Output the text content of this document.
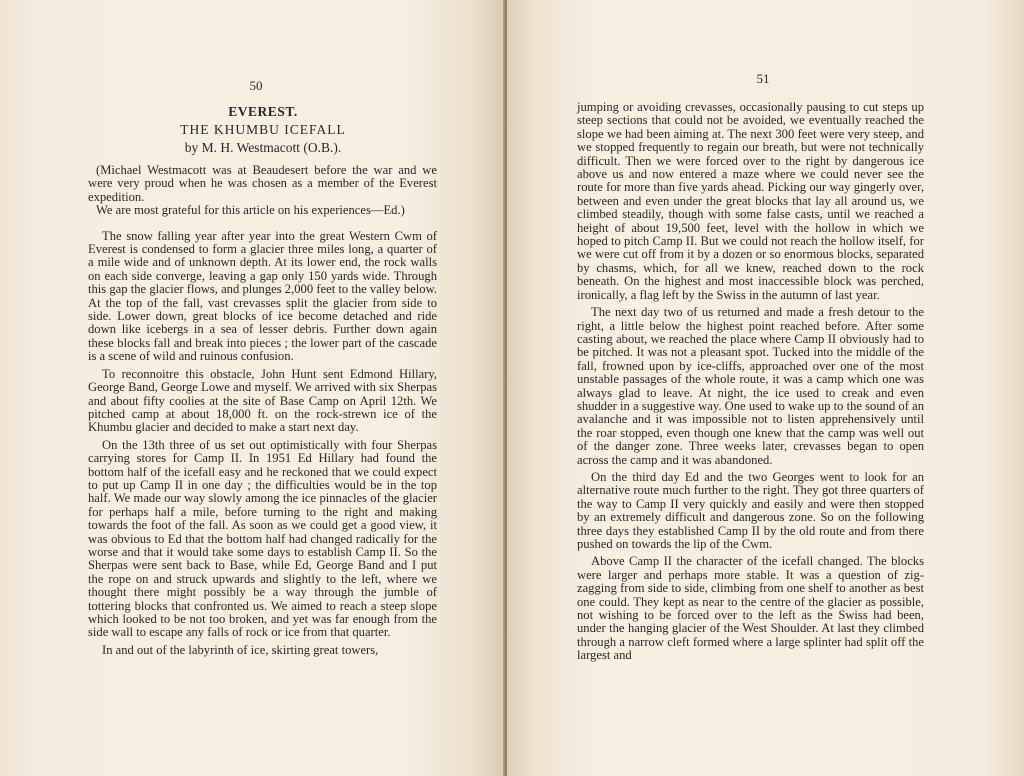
50
EVEREST.
THE KHUMBU ICEFALL
by M. H. Westmacott (O.B.).

(Michael Westmacott was at Beaudesert before the war and we were very proud when he was chosen as a member of the Everest expedition.

We are most grateful for this article on his experiences—Ed.)

The snow falling year after year into the great Western Cwm of Everest is condensed to form a glacier three miles long, a quarter of a mile wide and of unknown depth. At its lower end, the rock walls on each side converge, leaving a gap only 150 yards wide. Through this gap the glacier flows, and plunges 2,000 feet to the valley below. At the top of the fall, vast crevasses split the glacier from side to side. Lower down, great blocks of ice become detached and ride down like icebergs in a sea of lesser debris. Further down again these blocks fall and break into pieces ; the lower part of the cascade is a scene of wild and ruinous confusion.

To reconnoitre this obstacle, John Hunt sent Edmond Hillary, George Band, George Lowe and myself. We arrived with six Sherpas and about fifty coolies at the site of Base Camp on April 12th. We pitched camp at about 18,000 ft. on the rock-strewn ice of the Khumbu glacier and decided to make a start next day.

On the 13th three of us set out optimistically with four Sherpas carrying stores for Camp II. In 1951 Ed Hillary had found the bottom half of the icefall easy and he reckoned that we could expect to put up Camp II in one day ; the difficulties would be in the top half. We made our way slowly among the ice pinnacles of the glacier for perhaps half a mile, before turning to the right and making towards the foot of the fall. As soon as we could get a good view, it was obvious to Ed that the bottom half had changed radically for the worse and that it would take some days to establish Camp II. So the Sherpas were sent back to Base, while Ed, George Band and I put the rope on and struck upwards and slightly to the left, where we thought there might possibly be a way through the jumble of tottering blocks that confronted us. We aimed to reach a steep slope which looked to be not too broken, and yet was far enough from the side wall to escape any falls of rock or ice from that quarter.

In and out of the labyrinth of ice, skirting great towers,

51

jumping or avoiding crevasses, occasionally pausing to cut steps up steep sections that could not be avoided, we eventually reached the slope we had been aiming at. The next 300 feet were very steep, and we stopped frequently to regain our breath, but were not technically difficult. Then we were forced over to the right by dangerous ice above us and now entered a maze where we could never see the route for more than five yards ahead. Picking our way gingerly over, between and even under the great blocks that lay all around us, we climbed steadily, though with some false casts, until we reached a height of about 19,500 feet, level with the hollow in which we hoped to pitch Camp II. But we could not reach the hollow itself, for we were cut off from it by a dozen or so enormous blocks, separated by chasms, which, for all we knew, reached down to the rock beneath. On the highest and most inaccessible block was perched, ironically, a flag left by the Swiss in the autumn of last year.

The next day two of us returned and made a fresh detour to the right, a little below the highest point reached before. After some casting about, we reached the place where Camp II obviously had to be pitched. It was not a pleasant spot. Tucked into the middle of the fall, frowned upon by ice-cliffs, approached over one of the most unstable passages of the whole route, it was a camp which one was always glad to leave. At night, the ice used to creak and even shudder in a suggestive way. One used to wake up to the sound of an avalanche and it was impossible not to listen apprehensively until the roar stopped, even though one knew that the camp was well out of the danger zone. Three weeks later, crevasses began to open across the camp and it was abandoned.

On the third day Ed and the two Georges went to look for an alternative route much further to the right. They got three quarters of the way to Camp II very quickly and easily and were then stopped by an extremely difficult and dangerous zone. So on the following three days they established Camp II by the old route and from there pushed on towards the lip of the Cwm.

Above Camp II the character of the icefall changed. The blocks were larger and perhaps more stable. It was a question of zig-zagging from side to side, climbing from one shelf to another as best one could. They kept as near to the centre of the glacier as possible, not wishing to be forced over to the left as the Swiss had been, under the hanging glacier of the West Shoulder. At last they climbed through a narrow cleft formed where a large splinter had split off the largest and
